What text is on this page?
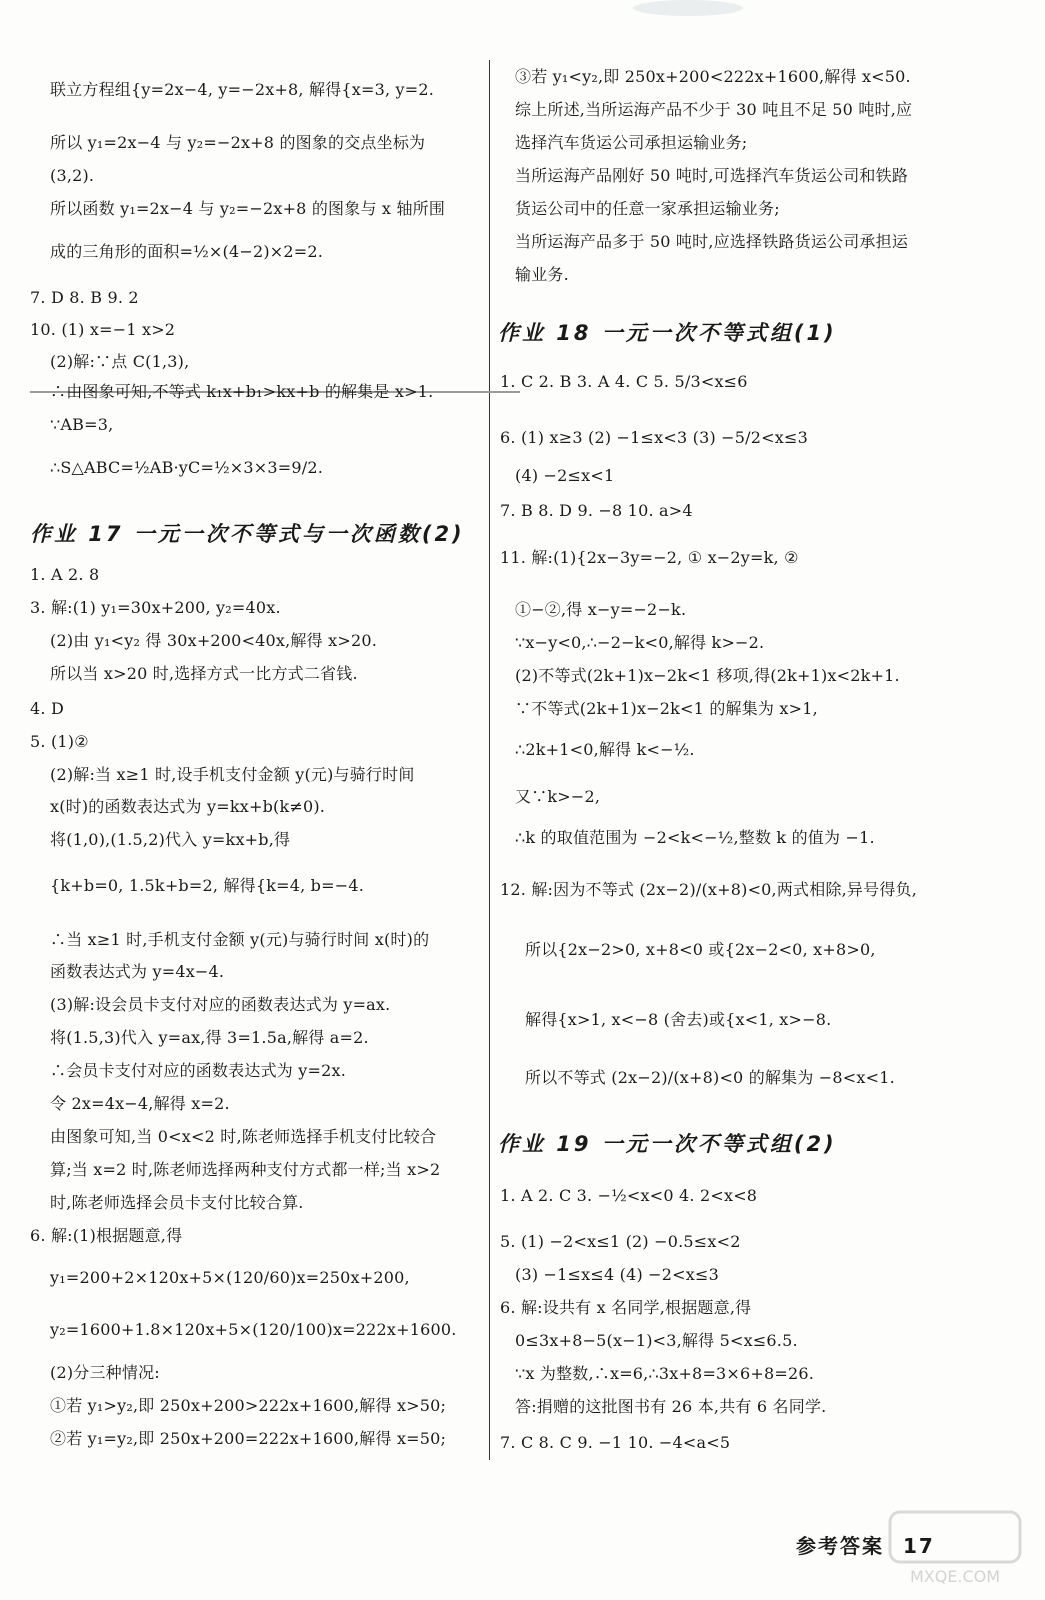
联立方程组{y=2x−4, y=−2x+8, 解得{x=3, y=2.
所以 y₁=2x−4 与 y₂=−2x+8 的图象的交点坐标为
(3,2).
所以函数 y₁=2x−4 与 y₂=−2x+8 的图象与 x 轴所围
成的三角形的面积=½×(4−2)×2=2.
7. D 8. B 9. 2
10. (1) x=−1 x>2
(2)解:∵点 C(1,3),
∴由图象可知,不等式 k₁x+b₁>kx+b 的解集是 x>1.
∵AB=3,
∴S△ABC=½AB·yC=½×3×3=9/2.
1. A 2. 8
3. 解:(1) y₁=30x+200, y₂=40x.
(2)由 y₁<y₂ 得 30x+200<40x,解得 x>20.
所以当 x>20 时,选择方式一比方式二省钱.
4. D
5. (1)②
(2)解:当 x≥1 时,设手机支付金额 y(元)与骑行时间
x(时)的函数表达式为 y=kx+b(k≠0).
将(1,0),(1.5,2)代入 y=kx+b,得
{k+b=0, 1.5k+b=2, 解得{k=4, b=−4.
∴当 x≥1 时,手机支付金额 y(元)与骑行时间 x(时)的
函数表达式为 y=4x−4.
(3)解:设会员卡支付对应的函数表达式为 y=ax.
将(1.5,3)代入 y=ax,得 3=1.5a,解得 a=2.
∴会员卡支付对应的函数表达式为 y=2x.
令 2x=4x−4,解得 x=2.
由图象可知,当 0<x<2 时,陈老师选择手机支付比较合
算;当 x=2 时,陈老师选择两种支付方式都一样;当 x>2
时,陈老师选择会员卡支付比较合算.
6. 解:(1)根据题意,得
y₁=200+2×120x+5×(120/60)x=250x+200,
y₂=1600+1.8×120x+5×(120/100)x=222x+1600.
(2)分三种情况:
①若 y₁>y₂,即 250x+200>222x+1600,解得 x>50;
②若 y₁=y₂,即 250x+200=222x+1600,解得 x=50;
③若 y₁<y₂,即 250x+200<222x+1600,解得 x<50.
综上所述,当所运海产品不少于 30 吨且不足 50 吨时,应
选择汽车货运公司承担运输业务;
当所运海产品刚好 50 吨时,可选择汽车货运公司和铁路
货运公司中的任意一家承担运输业务;
当所运海产品多于 50 吨时,应选择铁路货运公司承担运
输业务.
1. C 2. B 3. A 4. C 5. 5/3<x≤6
6. (1) x≥3 (2) −1≤x<3 (3) −5/2<x≤3
(4) −2≤x<1
7. B 8. D 9. −8 10. a>4
11. 解:(1){2x−3y=−2, ① x−2y=k, ②
①−②,得 x−y=−2−k.
∵x−y<0,∴−2−k<0,解得 k>−2.
(2)不等式(2k+1)x−2k<1 移项,得(2k+1)x<2k+1.
∵不等式(2k+1)x−2k<1 的解集为 x>1,
∴2k+1<0,解得 k<−½.
又∵k>−2,
∴k 的取值范围为 −2<k<−½,整数 k 的值为 −1.
12. 解:因为不等式 (2x−2)/(x+8)<0,两式相除,异号得负,
所以{2x−2>0, x+8<0 或{2x−2<0, x+8>0,
解得{x>1, x<−8 (舍去)或{x<1, x>−8.
所以不等式 (2x−2)/(x+8)<0 的解集为 −8<x<1.
1. A 2. C 3. −½<x<0 4. 2<x<8
5. (1) −2<x≤1 (2) −0.5≤x<2
(3) −1≤x≤4 (4) −2<x≤3
6. 解:设共有 x 名同学,根据题意,得
0≤3x+8−5(x−1)<3,解得 5<x≤6.5.
∵x 为整数,∴x=6,∴3x+8=3×6+8=26.
答:捐赠的这批图书有 26 本,共有 6 名同学.
7. C 8. C 9. −1 10. −4<a<5
作业 17 一元一次不等式与一次函数(2)
作业 18 一元一次不等式组(1)
作业 19 一元一次不等式组(2)
参考答案 17
MXQE.COM
